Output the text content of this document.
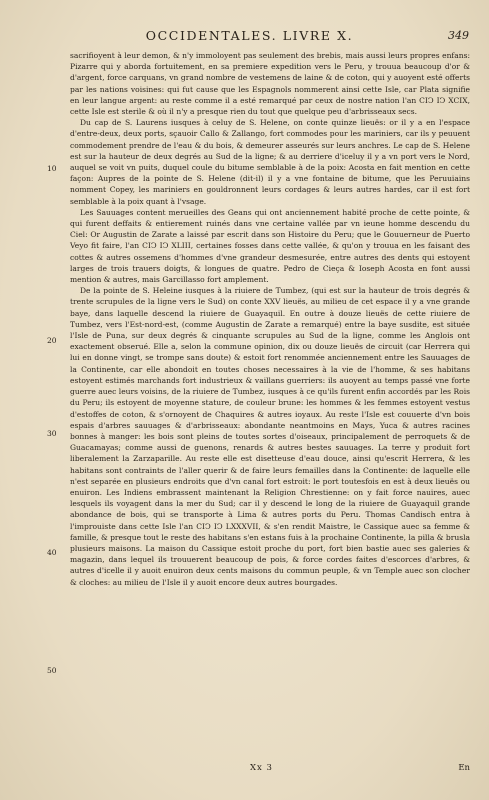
OCCIDENTALES. LIVRE X.	349
10
20
30
40
50

sacrifioyent à leur demon, & n'y immoloyent pas seulement des brebis, mais aussi leurs propres enfans: Pizarre qui y aborda fortuitement, en sa premiere expedition vers le Peru, y trouua beaucoup d'or & d'argent, force carquans, vn grand nombre de vestemens de laine & de coton, qui y auoyent esté offerts par les nations voisines: qui fut cause que les Espagnols nommerent ainsi cette Isle, car Plata signifie en leur langue argent: au reste comme il a esté remarqué par ceux de nostre nation l'an CIↃ IↃ XCIX, cette Isle est sterile & où il n'y a presque rien du tout que quelque peu d'arbrisseaux secs.

Du cap de S. Laurens iusques à celuy de S. Helene, on conte quinze lieuës: or il y a en l'espace d'entre-deux, deux ports, sçauoir Callo & Zallango, fort commodes pour les mariniers, car ils y peuuent commodement prendre de l'eau & du bois, & demeurer asseurés sur leurs anchres. Le cap de S. Helene est sur la hauteur de deux degrés au Sud de la ligne; & au derriere d'iceluy il y a vn port vers le Nord, auquel se voit vn puits, duquel coule du bitume semblable à de la poix: Acosta en fait mention en cette façon: Aupres de la pointe de S. Helene (dit-il) il y a vne fontaine de bitume, que les Peruuiains nomment Copey, les mariniers en gouldronnent leurs cordages & leurs autres hardes, car il est fort semblable à la poix quant à l'vsage.

Les Sauuages content merueilles des Geans qui ont anciennement habité proche de cette pointe, & qui furent deffaits & entierement ruinés dans vne certaine vallée par vn ieune homme descendu du Ciel: Or Augustin de Zarate a laissé par escrit dans son Histoire du Peru; que le Gouuerneur de Puerto Veyo fit faire, l'an CIↃ IↃ XLIII, certaines fosses dans cette vallée, & qu'on y trouua en les faisant des cottes & autres ossemens d'hommes d'vne grandeur desmesurée, entre autres des dents qui estoyent larges de trois trauers doigts, & longues de quatre. Pedro de Cieça & Ioseph Acosta en font aussi mention & autres, mais Garcillasso fort amplement.

De la pointe de S. Heleine iusques à la riuiere de Tumbez, (qui est sur la hauteur de trois degrés & trente scrupules de la ligne vers le Sud) on conte XXV lieuës, au milieu de cet espace il y a vne grande baye, dans laquelle descend la riuiere de Guayaquil. En outre à douze lieuës de cette riuiere de Tumbez, vers l'Est-nord-est, (comme Augustin de Zarate a remarqué) entre la baye susdite, est située l'Isle de Puna, sur deux degrés & cinquante scrupules au Sud de la ligne, comme les Anglois ont exactement obserué. Elle a, selon la commune opinion, dix ou douze lieuës de circuit (car Herrera qui lui en donne vingt, se trompe sans doute) & estoit fort renommée anciennement entre les Sauuages de la Continente, car elle abondoit en toutes choses necessaires à la vie de l'homme, & ses habitans estoyent estimés marchands fort industrieux & vaillans guerriers: ils auoyent au temps passé vne forte guerre auec leurs voisins, de la riuiere de Tumbez, iusques à ce qu'ils furent enfin accordés par les Rois du Peru; ils estoyent de moyenne stature, de couleur brune: les hommes & les femmes estoyent vestus d'estoffes de coton, & s'ornoyent de Chaquires & autres ioyaux. Au reste l'Isle est couuerte d'vn bois espais d'arbres sauuages & d'arbrisseaux: abondante neantmoins en Mays, Yuca & autres racines bonnes à manger: les bois sont pleins de toutes sortes d'oiseaux, principalement de perroquets & de Guacamayas; comme aussi de guenons, renards & autres bestes sauuages. La terre y produit fort liberalement la Zarzaparille. Au reste elle est disetteuse d'eau douce, ainsi qu'escrit Herrera, & les habitans sont contraints de l'aller querir & de faire leurs femailles dans la Continente: de laquelle elle n'est separée en plusieurs endroits que d'vn canal fort estroit: le port toutesfois en est à deux lieuës ou enuiron. Les Indiens embrassent maintenant la Religion Chrestienne: on y fait force nauires, auec lesquels ils voyagent dans la mer du Sud; car il y descend le long de la riuiere de Guayaquil grande abondance de bois, qui se transporte à Lima & autres ports du Peru. Thomas Candisch entra à l'improuiste dans cette Isle l'an CIↃ IↃ LXXXVII, & s'en rendit Maistre, le Cassique auec sa femme & famille, & presque tout le reste des habitans s'en estans fuis à la prochaine Continente, la pilla & brusla plusieurs maisons. La maison du Cassique estoit proche du port, fort bien bastie auec ses galeries & magazin, dans lequel ils trouuerent beaucoup de pois, & force cordes faites d'escorces d'arbres, & autres d'icelle il y auoit enuiron deux cents maisons du commun peuple, & vn Temple auec son clocher & cloches: au milieu de l'Isle il y auoit encore deux autres bourgades.

Xx 3	En
